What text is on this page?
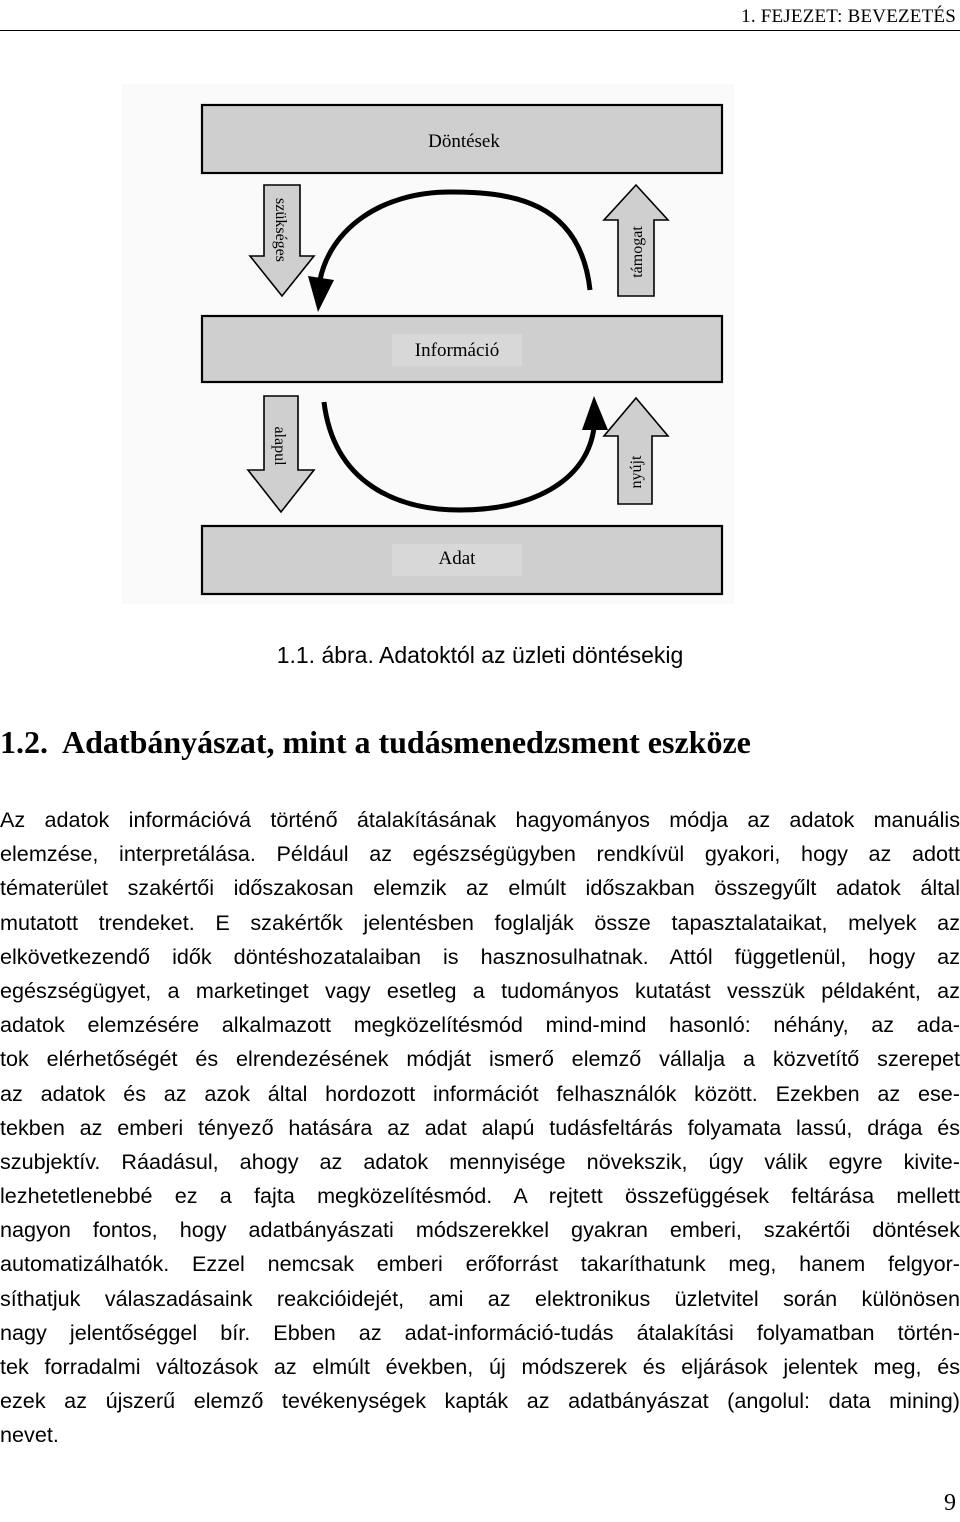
1. FEJEZET: BEVEZETÉS
Döntések
Információ
Adat
szükséges	támogat
alapul
nyújt
1.1. ábra. Adatoktól az üzleti döntésekig
1.2. Adatbányászat, mint a tudásmenedzsment eszköze
Az adatok információvá történő átalakításának hagyományos módja az adatok manuális
elemzése, interpretálása. Például az egészségügyben rendkívül gyakori, hogy az adott
tématerület szakértői időszakosan elemzik az elmúlt időszakban összegyűlt adatok által
mutatott trendeket. E szakértők jelentésben foglalják össze tapasztalataikat, melyek az
elkövetkezendő idők döntéshozatalaiban is hasznosulhatnak. Attól függetlenül, hogy az
egészségügyet, a marketinget vagy esetleg a tudományos kutatást vesszük példaként, az
adatok elemzésére alkalmazott megközelítésmód mind-mind hasonló: néhány, az ada-
tok elérhetőségét és elrendezésének módját ismerő elemző vállalja a közvetítő szerepet
az adatok és az azok által hordozott információt felhasználók között. Ezekben az ese-
tekben az emberi tényező hatására az adat alapú tudásfeltárás folyamata lassú, drága és
szubjektív. Ráadásul, ahogy az adatok mennyisége növekszik, úgy válik egyre kivite-
lezhetetlenebbé ez a fajta megközelítésmód. A rejtett összefüggések feltárása mellett
nagyon fontos, hogy adatbányászati módszerekkel gyakran emberi, szakértői döntések
automatizálhatók. Ezzel nemcsak emberi erőforrást takaríthatunk meg, hanem felgyor-
síthatjuk válaszadásaink reakcióidejét, ami az elektronikus üzletvitel során különösen
nagy jelentőséggel bír. Ebben az adat-információ-tudás átalakítási folyamatban történ-
tek forradalmi változások az elmúlt években, új módszerek és eljárások jelentek meg, és
ezek az újszerű elemző tevékenységek kapták az adatbányászat (angolul: data mining)
nevet.
9
